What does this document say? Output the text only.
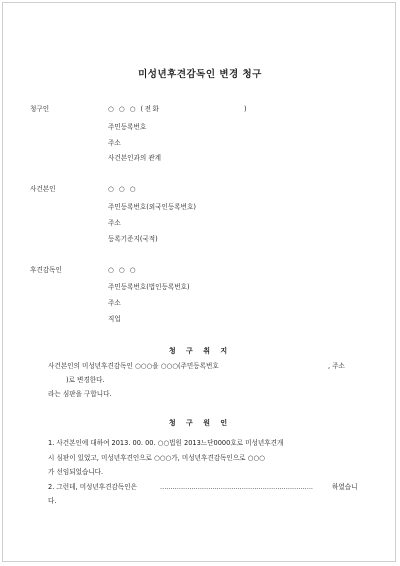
미성년후견감독인 변경 청구
청구인	○ ○ ○ (전화	)
주민등록번호
주소
사건본인과의 관계
사건본인	○ ○ ○
주민등록번호(외국인등록번호)
주소
등록기준지(국적)
후견감독인	○ ○ ○
주민등록번호(법인등록번호)
주소
직업
청 구 취 지
사건본인의 미성년후견감독인 ○○○을 ○○○(주민등록번호	, 주소
)로 변경한다.
라는 심판을 구합니다.
청 구 원 인
1. 사건본인에 대하여 2013. 00. 00. ○○법원 2013느단0000호로 미성년후견개
시 심판이 있었고, 미성년후견인으로 ○○○가, 미성년후견감독인으로 ○○○
가 선임되었습니다.
2. 그런데, 미성년후견감독인은	.........................................................................	하였습니
다.
